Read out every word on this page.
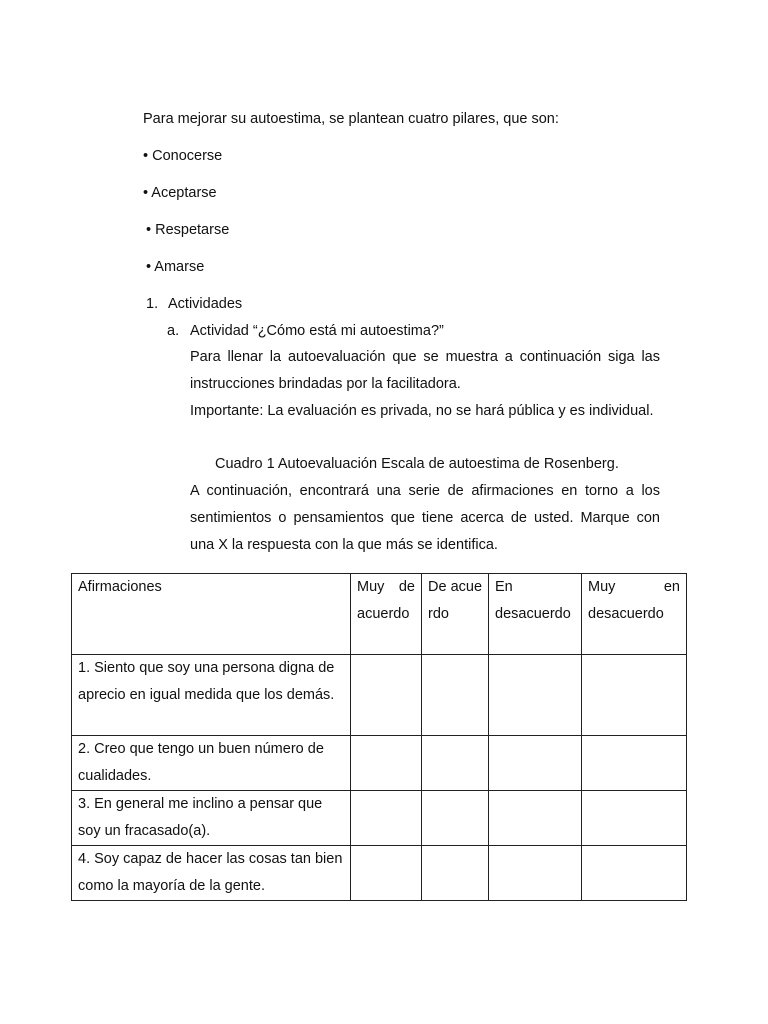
Para mejorar su autoestima, se plantean cuatro pilares, que son:
• Conocerse
• Aceptarse
• Respetarse
• Amarse
1. Actividades
a. Actividad “¿Cómo está mi autoestima?”
Para llenar la autoevaluación que se muestra a continuación siga las instrucciones brindadas por la facilitadora.
Importante: La evaluación es privada, no se hará pública y es individual.
Cuadro 1 Autoevaluación Escala de autoestima de Rosenberg.
A continuación, encontrará una serie de afirmaciones en torno a los sentimientos o pensamientos que tiene acerca de usted. Marque con una X la respuesta con la que más se identifica.
Afirmaciones	Muy de acuerdo	De acuerdo	En desacuerdo	Muy en desacuerdo
1. Siento que soy una persona digna de aprecio en igual medida que los demás.				
2. Creo que tengo un buen número de cualidades.				
3. En general me inclino a pensar que soy un fracasado(a).				
4. Soy capaz de hacer las cosas tan bien como la mayoría de la gente.				
